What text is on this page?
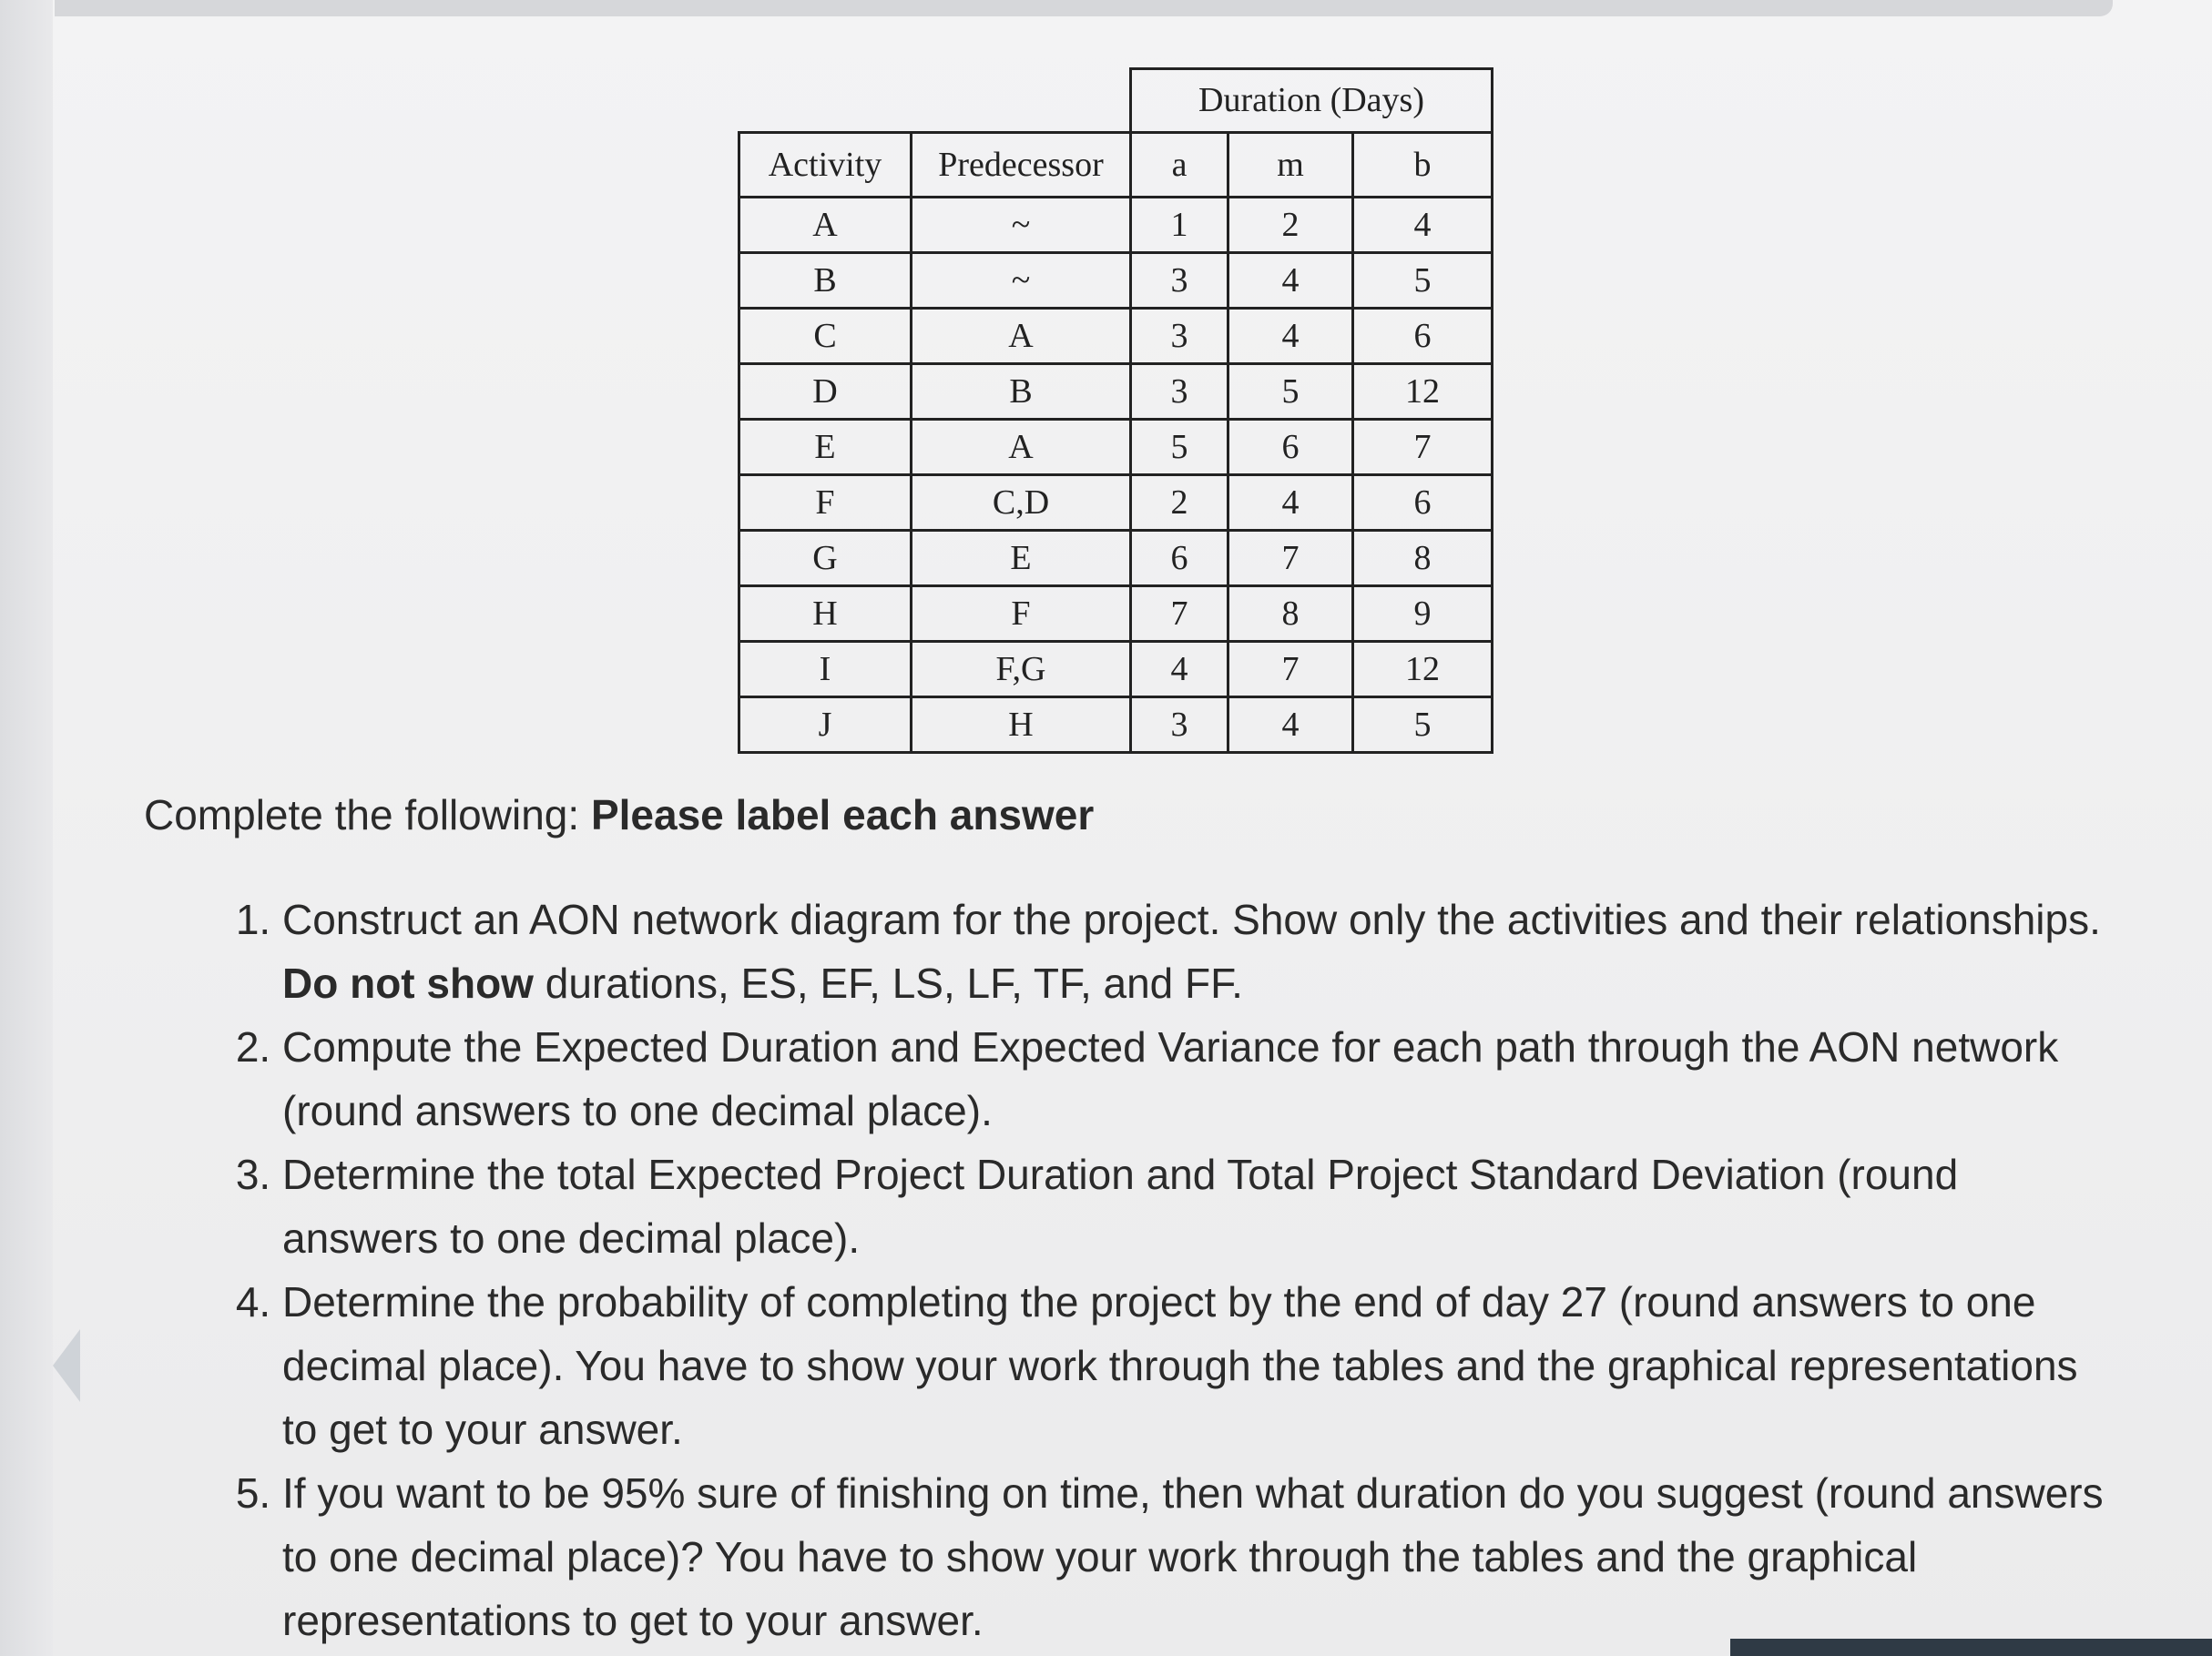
		Duration (Days)		
Activity	Predecessor	a	m	b
A	~	1	2	4
B	~	3	4	5
C	A	3	4	6
D	B	3	5	12
E	A	5	6	7
F	C,D	2	4	6
G	E	6	7	8
H	F	7	8	9
I	F,G	4	7	12
J	H	3	4	5
Complete the following: Please label each answer
1. Construct an AON network diagram for the project. Show only the activities and their relationships. Do not show durations, ES, EF, LS, LF, TF, and FF.
2. Compute the Expected Duration and Expected Variance for each path through the AON network (round answers to one decimal place).
3. Determine the total Expected Project Duration and Total Project Standard Deviation (round answers to one decimal place).
4. Determine the probability of completing the project by the end of day 27 (round answers to one decimal place). You have to show your work through the tables and the graphical representations to get to your answer.
5. If you want to be 95% sure of finishing on time, then what duration do you suggest (round answers to one decimal place)? You have to show your work through the tables and the graphical representations to get to your answer.
